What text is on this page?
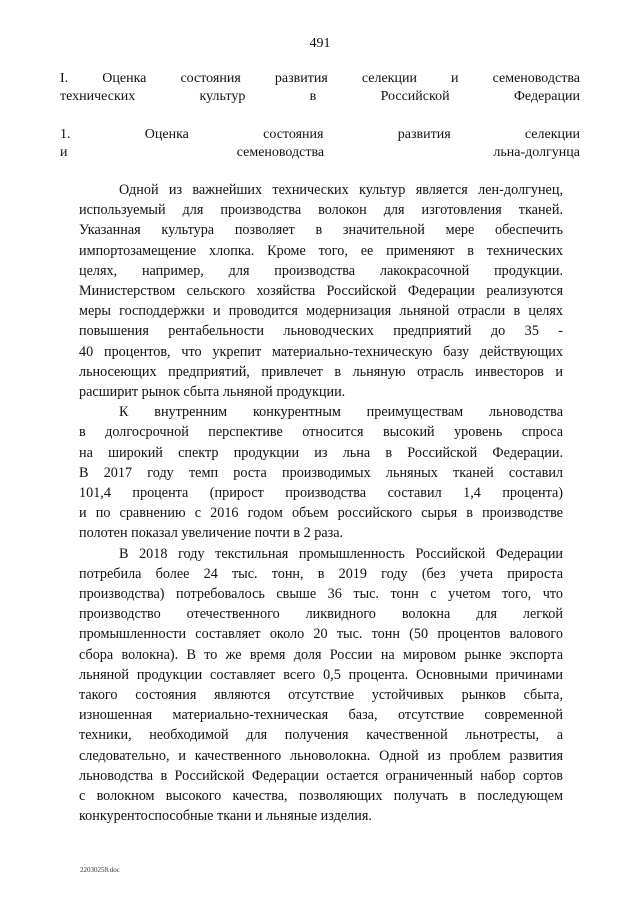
491
I. Оценка состояния развития селекции и семеноводства
технических культур в Российской Федерации
1. Оценка состояния развития селекции
и семеноводства льна-долгунца
Одной из важнейших технических культур является лен-долгунец,
используемый для производства волокон для изготовления тканей.
Указанная культура позволяет в значительной мере обеспечить
импортозамещение хлопка. Кроме того, ее применяют в технических
целях, например, для производства лакокрасочной продукции.
Министерством сельского хозяйства Российской Федерации реализуются
меры господдержки и проводится модернизация льняной отрасли в целях
повышения рентабельности льноводческих предприятий до 35 -
40 процентов, что укрепит материально-техническую базу действующих
льносеющих предприятий, привлечет в льняную отрасль инвесторов и
расширит рынок сбыта льняной продукции.
К внутренним конкурентным преимуществам льноводства
в долгосрочной перспективе относится высокий уровень спроса
на широкий спектр продукции из льна в Российской Федерации.
В 2017 году темп роста производимых льняных тканей составил
101,4 процента (прирост производства составил 1,4 процента)
и по сравнению с 2016 годом объем российского сырья в производстве
полотен показал увеличение почти в 2 раза.
В 2018 году текстильная промышленность Российской Федерации
потребила более 24 тыс. тонн, в 2019 году (без учета прироста
производства) потребовалось свыше 36 тыс. тонн с учетом того, что
производство отечественного ликвидного волокна для легкой
промышленности составляет около 20 тыс. тонн (50 процентов валового
сбора волокна). В то же время доля России на мировом рынке экспорта
льняной продукции составляет всего 0,5 процента. Основными причинами
такого состояния являются отсутствие устойчивых рынков сбыта,
изношенная материально-техническая база, отсутствие современной
техники, необходимой для получения качественной льнотресты, а
следовательно, и качественного льноволокна. Одной из проблем развития
льноводства в Российской Федерации остается ограниченный набор сортов
с волокном высокого качества, позволяющих получать в последующем
конкурентоспособные ткани и льняные изделия.
22030258.doc
